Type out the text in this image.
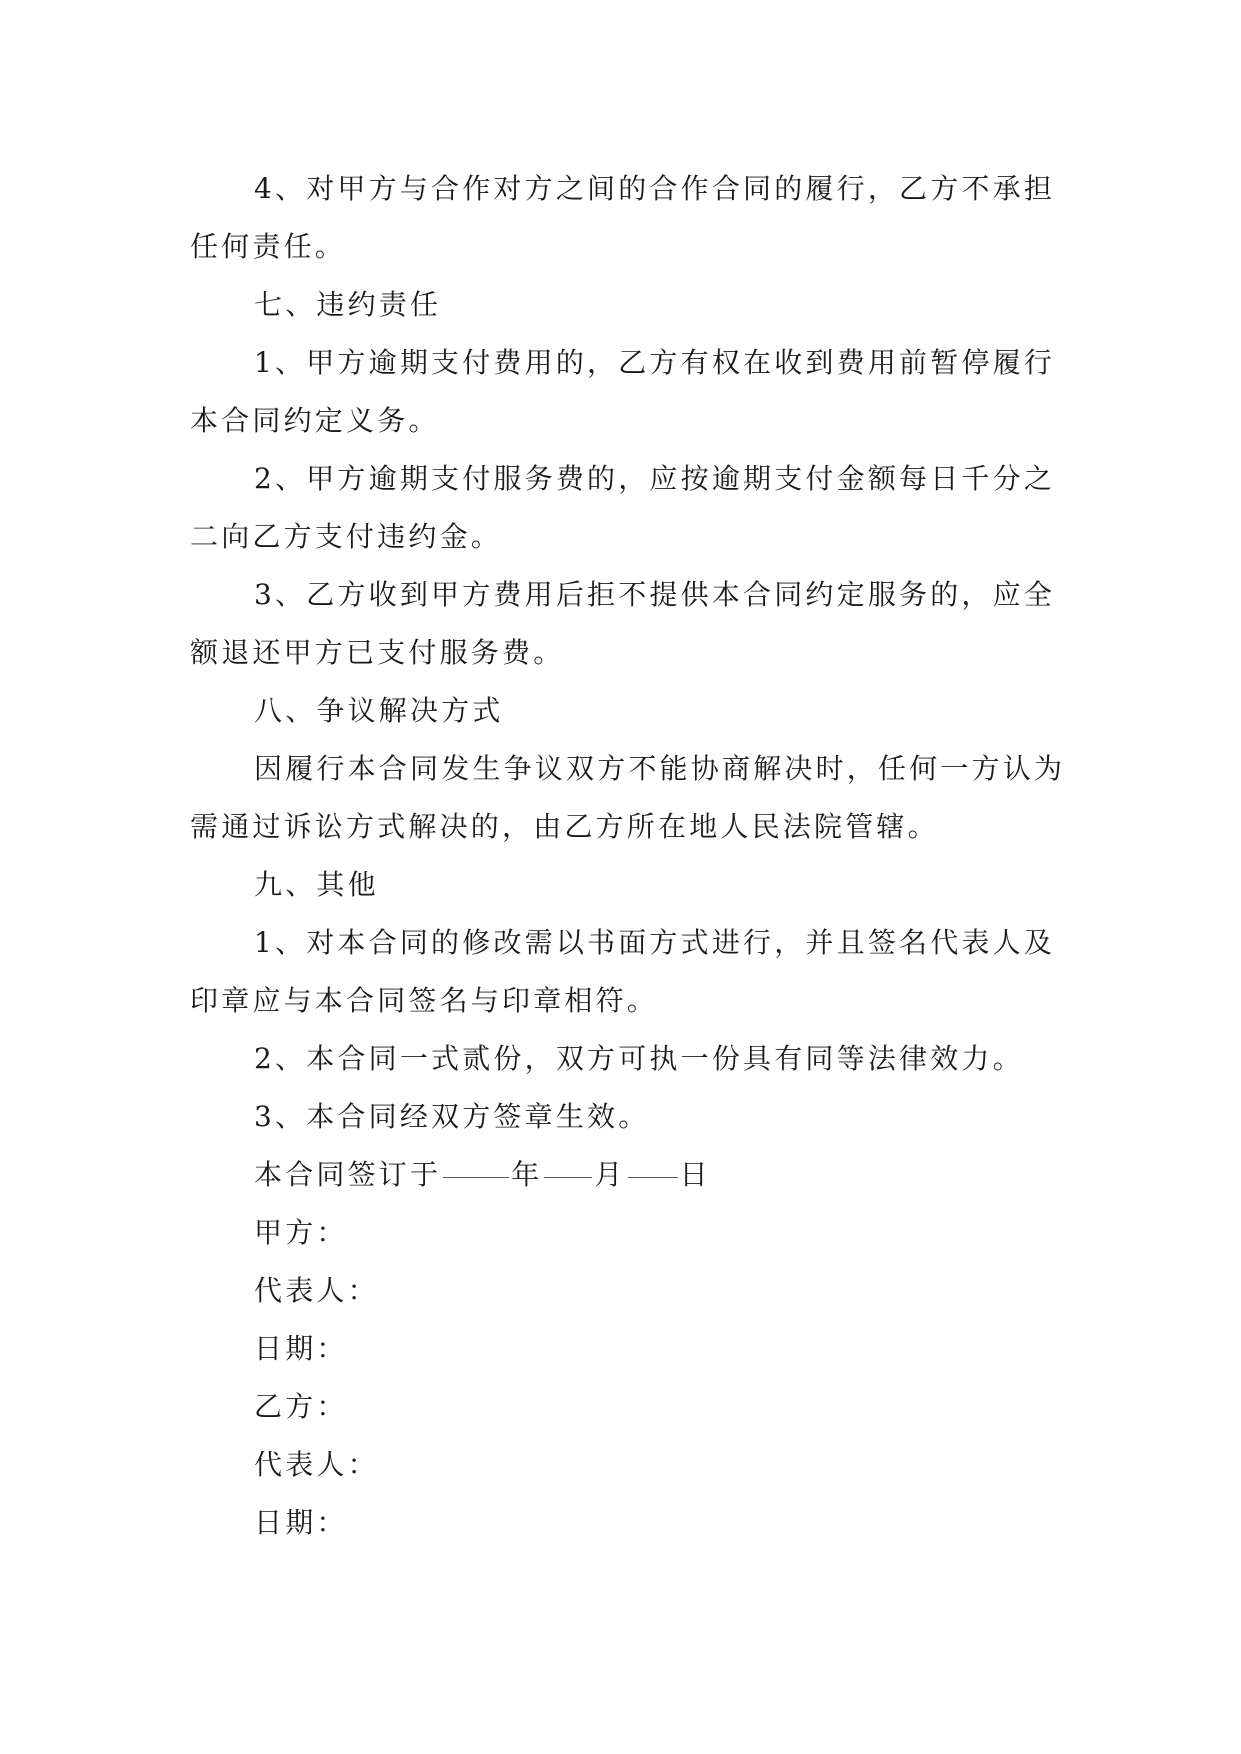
4、对甲方与合作对方之间的合作合同的履行，乙方不承担任何责任。

七、违约责任

1、甲方逾期支付费用的，乙方有权在收到费用前暂停履行本合同约定义务。

2、甲方逾期支付服务费的，应按逾期支付金额每日千分之二向乙方支付违约金。

3、乙方收到甲方费用后拒不提供本合同约定服务的，应全额退还甲方已支付服务费。

八、争议解决方式

因履行本合同发生争议双方不能协商解决时，任何一方认为需通过诉讼方式解决的，由乙方所在地人民法院管辖。

九、其他

1、对本合同的修改需以书面方式进行，并且签名代表人及印章应与本合同签名与印章相符。

2、本合同一式贰份，双方可执一份具有同等法律效力。

3、本合同经双方签章生效。

本合同签订于	年 月 日

甲方：

代表人：

日期：

乙方：

代表人：

日期：
